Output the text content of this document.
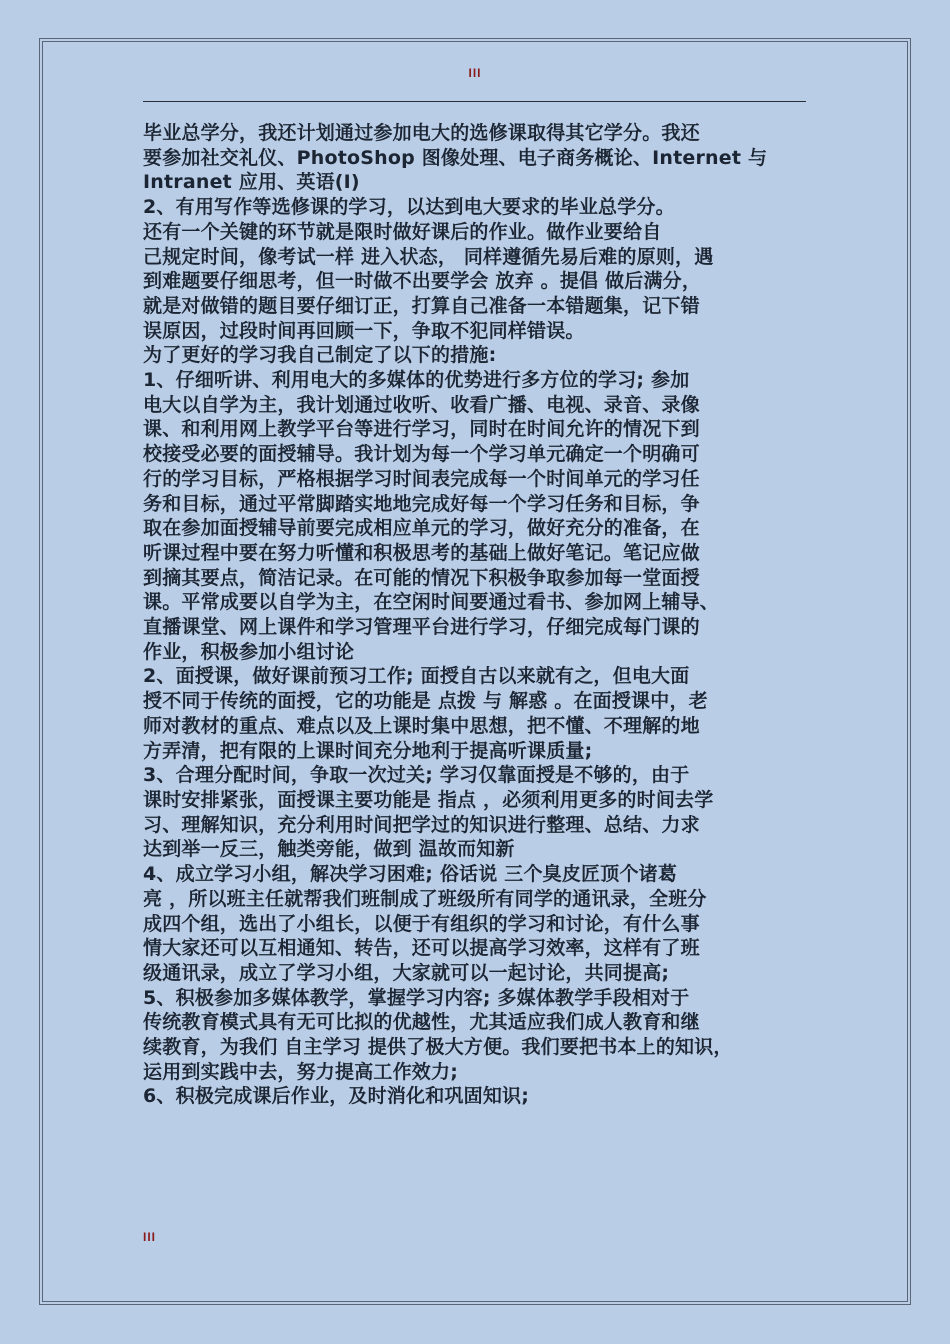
III

毕业总学分，我还计划通过参加电大的选修课取得其它学分。我还
要参加社交礼仪、PhotoShop 图像处理、电子商务概论、Internet 与
Intranet 应用、英语(I)

2、有用写作等选修课的学习，以达到电大要求的毕业总学分。

还有一个关键的环节就是限时做好课后的作业。做作业要给自
己规定时间，像考试一样 进入状态， 同样遵循先易后难的原则，遇
到难题要仔细思考，但一时做不出要学会 放弃 。提倡 做后满分，
就是对做错的题目要仔细订正，打算自己准备一本错题集，记下错
误原因，过段时间再回顾一下，争取不犯同样错误。

为了更好的学习我自己制定了以下的措施:

1、仔细听讲、利用电大的多媒体的优势进行多方位的学习; 参加
电大以自学为主，我计划通过收听、收看广播、电视、录音、录像
课、和利用网上教学平台等进行学习，同时在时间允许的情况下到
校接受必要的面授辅导。我计划为每一个学习单元确定一个明确可
行的学习目标，严格根据学习时间表完成每一个时间单元的学习任
务和目标，通过平常脚踏实地地完成好每一个学习任务和目标，争
取在参加面授辅导前要完成相应单元的学习，做好充分的准备，在
听课过程中要在努力听懂和积极思考的基础上做好笔记。笔记应做
到摘其要点，简洁记录。在可能的情况下积极争取参加每一堂面授
课。平常成要以自学为主，在空闲时间要通过看书、参加网上辅导、
直播课堂、网上课件和学习管理平台进行学习，仔细完成每门课的
作业，积极参加小组讨论

2、面授课，做好课前预习工作; 面授自古以来就有之，但电大面
授不同于传统的面授，它的功能是 点拨 与 解惑 。在面授课中，老
师对教材的重点、难点以及上课时集中思想，把不懂、不理解的地
方弄清，把有限的上课时间充分地利于提高听课质量;

3、合理分配时间，争取一次过关; 学习仅靠面授是不够的，由于
课时安排紧张，面授课主要功能是 指点 ，必须利用更多的时间去学
习、理解知识，充分利用时间把学过的知识进行整理、总结、力求
达到举一反三，触类旁能，做到 温故而知新

4、成立学习小组，解决学习困难; 俗话说 三个臭皮匠顶个诸葛
亮 ，所以班主任就帮我们班制成了班级所有同学的通讯录，全班分
成四个组，选出了小组长，以便于有组织的学习和讨论，有什么事
情大家还可以互相通知、转告，还可以提高学习效率，这样有了班
级通讯录，成立了学习小组，大家就可以一起讨论，共同提高;

5、积极参加多媒体教学，掌握学习内容; 多媒体教学手段相对于
传统教育模式具有无可比拟的优越性，尤其适应我们成人教育和继
续教育，为我们 自主学习 提供了极大方便。我们要把书本上的知识，
运用到实践中去，努力提高工作效力;

6、积极完成课后作业，及时消化和巩固知识;

III
